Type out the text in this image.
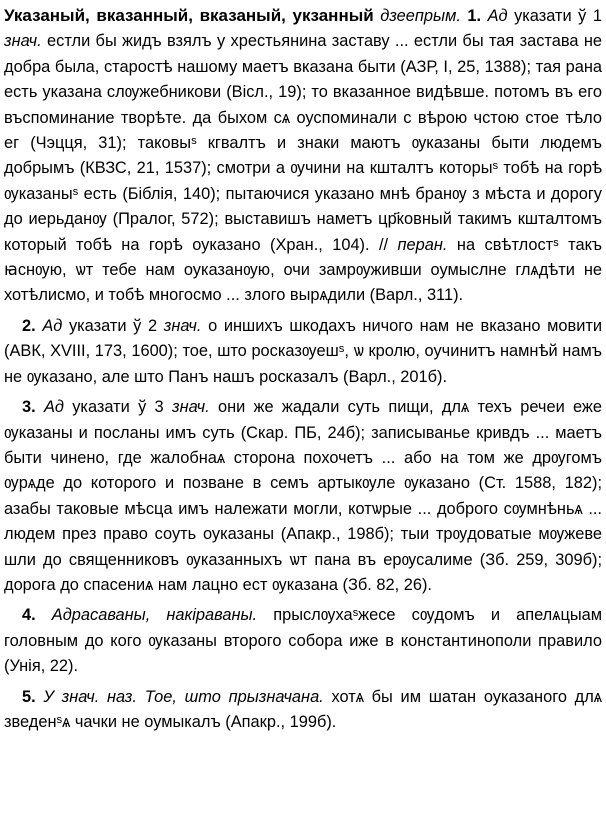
Указаный, вказанный, вказаный, укзанный дзеепрым. 1. Ад указати ў 1 знач. естли бы жидъ взялъ у хрестьянина заставу ... естли бы тая застава не добра была, старостѣ нашому маетъ вказана быти (АЗР, I, 25, 1388); тая рана есть указана слѹжебникови (Вісл., 19); то вказанное видѣвше. потомъ въ его въспоминание творѣте. да быхом сѧ оуспоминали с вѣрою чстою стое тѣло ег (Чэцця, 31); таковыˢ кгвалтъ и знаки маютъ ѹказаны быти людемъ добрымъ (КВЗС, 21, 1537); смотри а ѹчини на кшталтъ которыˢ тобѣ на горѣ ѹказаныˢ есть (Біблія, 140); пытаючися указано мнѣ бранѹ з мѣста и дорогу до иерьданѹ (Пралог, 572); выставишъ наметъ цр҃ковный такимъ кшталтомъ который тобѣ на горѣ оуказано (Хран., 104). // перан. на свѣтлостˢ такъ ꙗснѹю, ѡт тебе нам оуказанѹю, очи замрѹживши оумыслне глѧдѣти не хотѣлисмо, и тобѣ многосмо ... злого вырѧдили (Варл., 311).

2. Ад указати ў 2 знач. о иншихъ шкодахъ ничого нам не вказано мовити (АВК, XVIII, 173, 1600); тое, што росказѹешˢ, ѡ кролю, оучинитъ намнѣй намъ не ѹказано, але што Панъ нашъ росказалъ (Варл., 201б).

3. Ад указати ў 3 знач. они же жадали суть пищи, длѧ техъ речеи еже ѹказаны и посланы имъ суть (Скар. ПБ, 24б); записыванье кривдъ ... маетъ быти чинено, где жалобнаѧ сторона похочетъ ... або на том же дрѹгомъ ѹрѧде до которого и позване в семъ артыкѹле ѹказано (Ст. 1588, 182); азабы таковые мѣсца имъ належати могли, котѡрые ... доброго сѹмнѣньѧ ... людем през право соуть оуказаны (Апакр., 198б); тыи трѹдоватые мѹжеве шли до священниковъ ѹказанныхъ ѡт пана въ ерѹсалиме (Зб. 259, 309б); дорога до спасениѧ нам лацно ест ѹказана (Зб. 82, 26).

4. Адрасаваны, накіраваны. прыслѹхаˢжесе сѹдомъ и апелѧцыам головным до кого ѹказаны второго собора иже в констaнтинополи правило (Унія, 22).

5. У знач. наз. Тое, што прызначана. хотѧ бы им шатан оуказаного длѧ зведенˢѧ чачки не оумыкалъ (Апакр., 199б).
